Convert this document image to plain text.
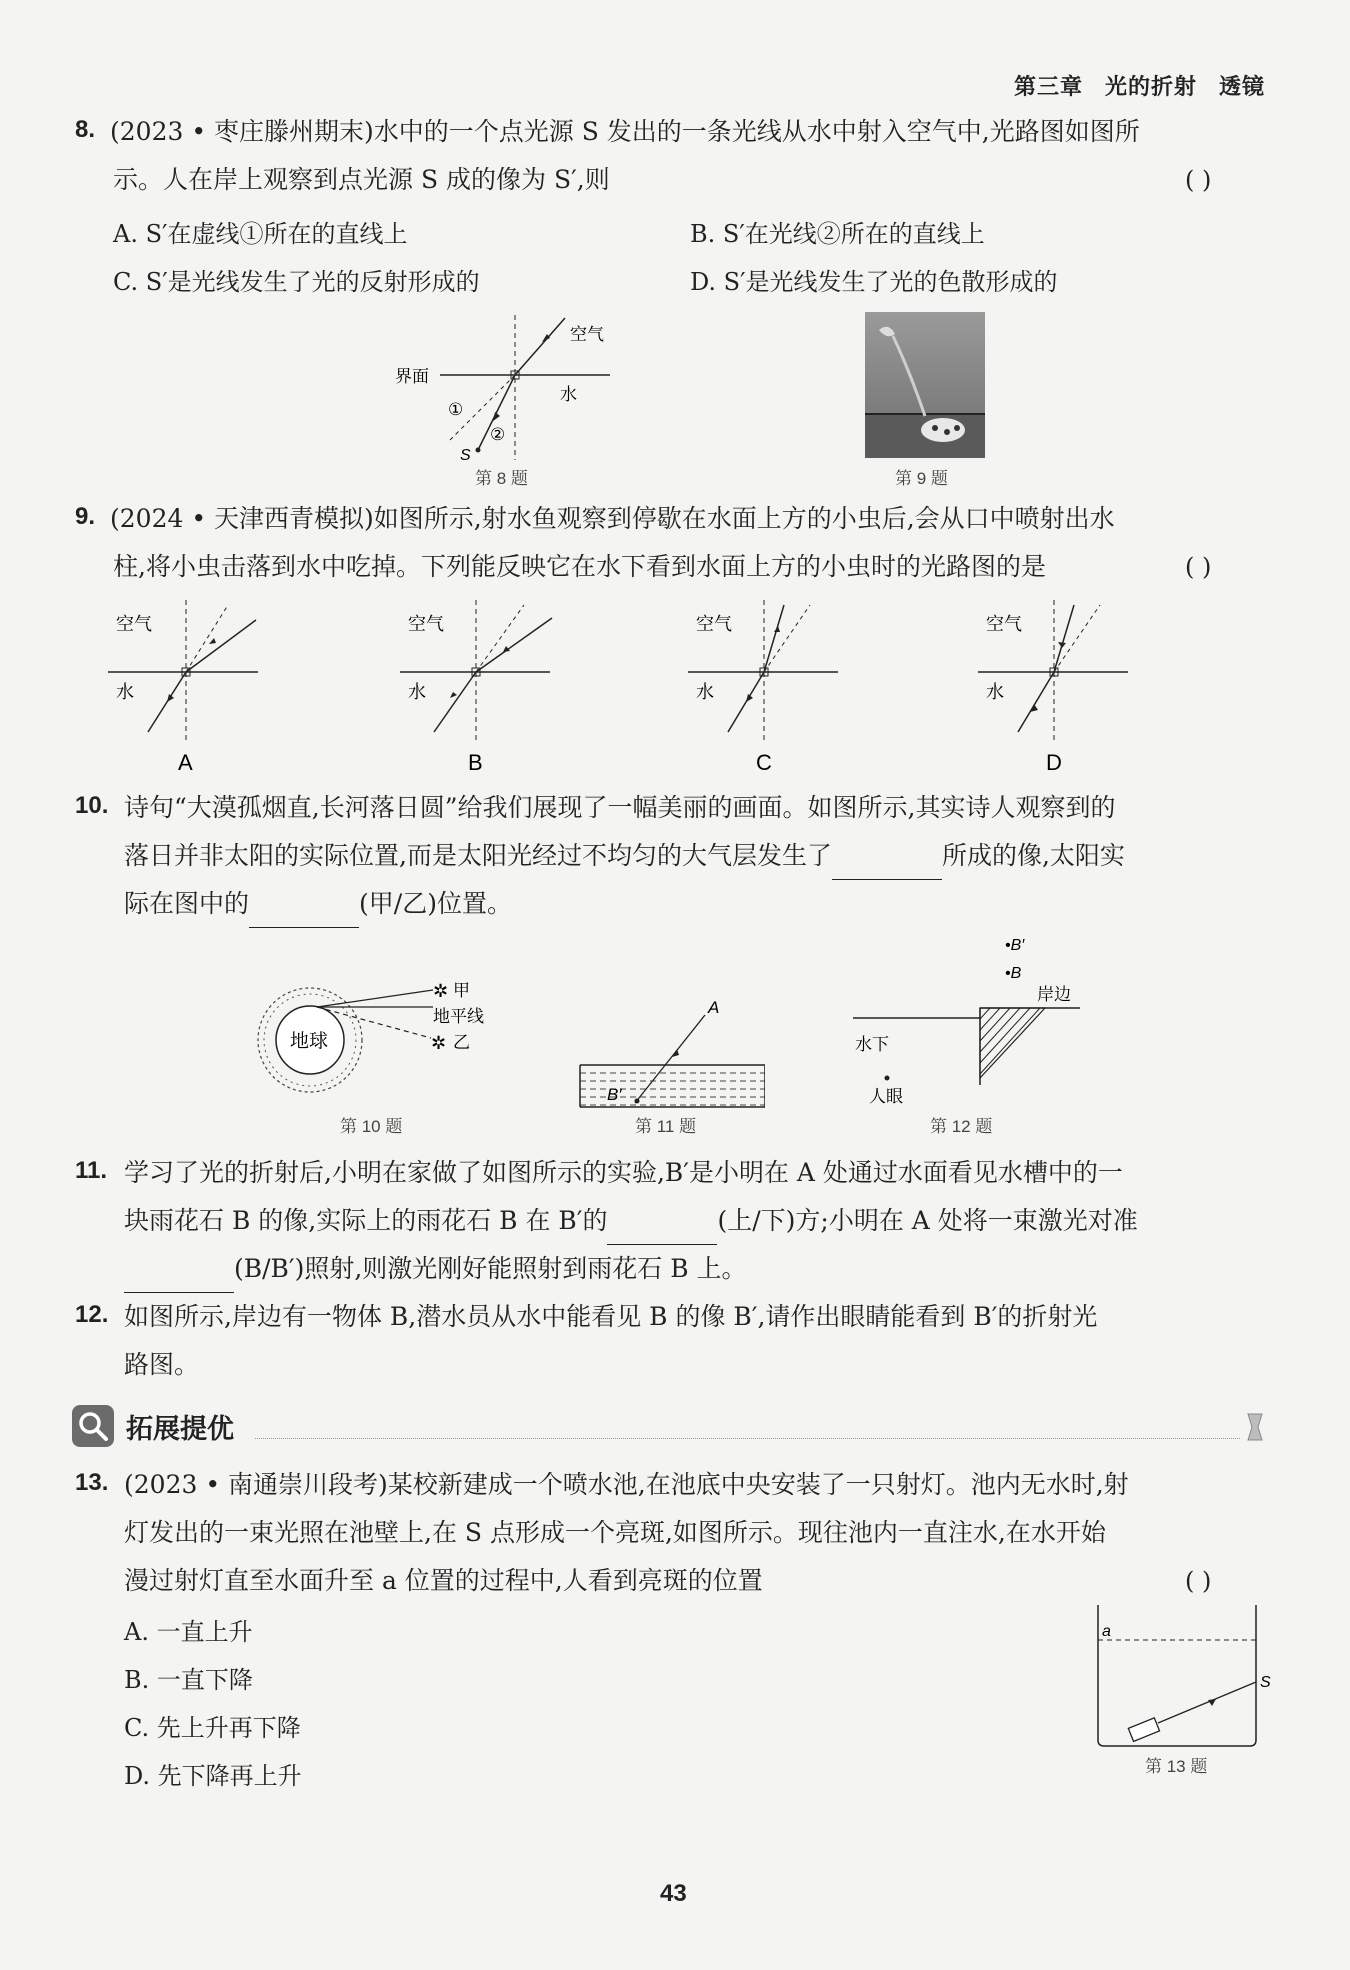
第三章 光的折射 透镜
8. (2023 • 枣庄滕州期末)水中的一个点光源 S 发出的一条光线从水中射入空气中,光路图如图所
示。人在岸上观察到点光源 S 成的像为 S′,则	( )
A. S′在虚线①所在的直线上	B. S′在光线②所在的直线上
C. S′是光线发生了光的反射形成的	D. S′是光线发生了光的色散形成的
界面
空气
水
①
②
S
第 8 题	第 9 题
9. (2024 • 天津西青模拟)如图所示,射水鱼观察到停歇在水面上方的小虫后,会从口中喷射出水
柱,将小虫击落到水中吃掉。下列能反映它在水下看到水面上方的小虫时的光路图的是	( )
空气
水
A
空气
水
B
空气
水
C
空气
水
D
10. 诗句“大漠孤烟直,长河落日圆”给我们展现了一幅美丽的画面。如图所示,其实诗人观察到的
落日并非太阳的实际位置,而是太阳光经过不均匀的大气层发生了	所成的像,太阳实
际在图中的	(甲/乙)位置。
地球
✲
✲
甲
地平线
乙
第 10 题
A
B′
第 11 题
•B′
•B
岸边
水下
人眼
第 12 题
11. 学习了光的折射后,小明在家做了如图所示的实验,B′是小明在 A 处通过水面看见水槽中的一
块雨花石 B 的像,实际上的雨花石 B 在 B′的	(上/下)方;小明在 A 处将一束激光对准
(B/B′)照射,则激光刚好能照射到雨花石 B 上。
12. 如图所示,岸边有一物体 B,潜水员从水中能看见 B 的像 B′,请作出眼睛能看到 B′的折射光
路图。
拓展提优
13. (2023 • 南通崇川段考)某校新建成一个喷水池,在池底中央安装了一只射灯。池内无水时,射
灯发出的一束光照在池壁上,在 S 点形成一个亮斑,如图所示。现往池内一直注水,在水开始
漫过射灯直至水面升至 a 位置的过程中,人看到亮斑的位置	( )
A. 一直上升
B. 一直下降
C. 先上升再下降
D. 先下降再上升
a
S
第 13 题
43
